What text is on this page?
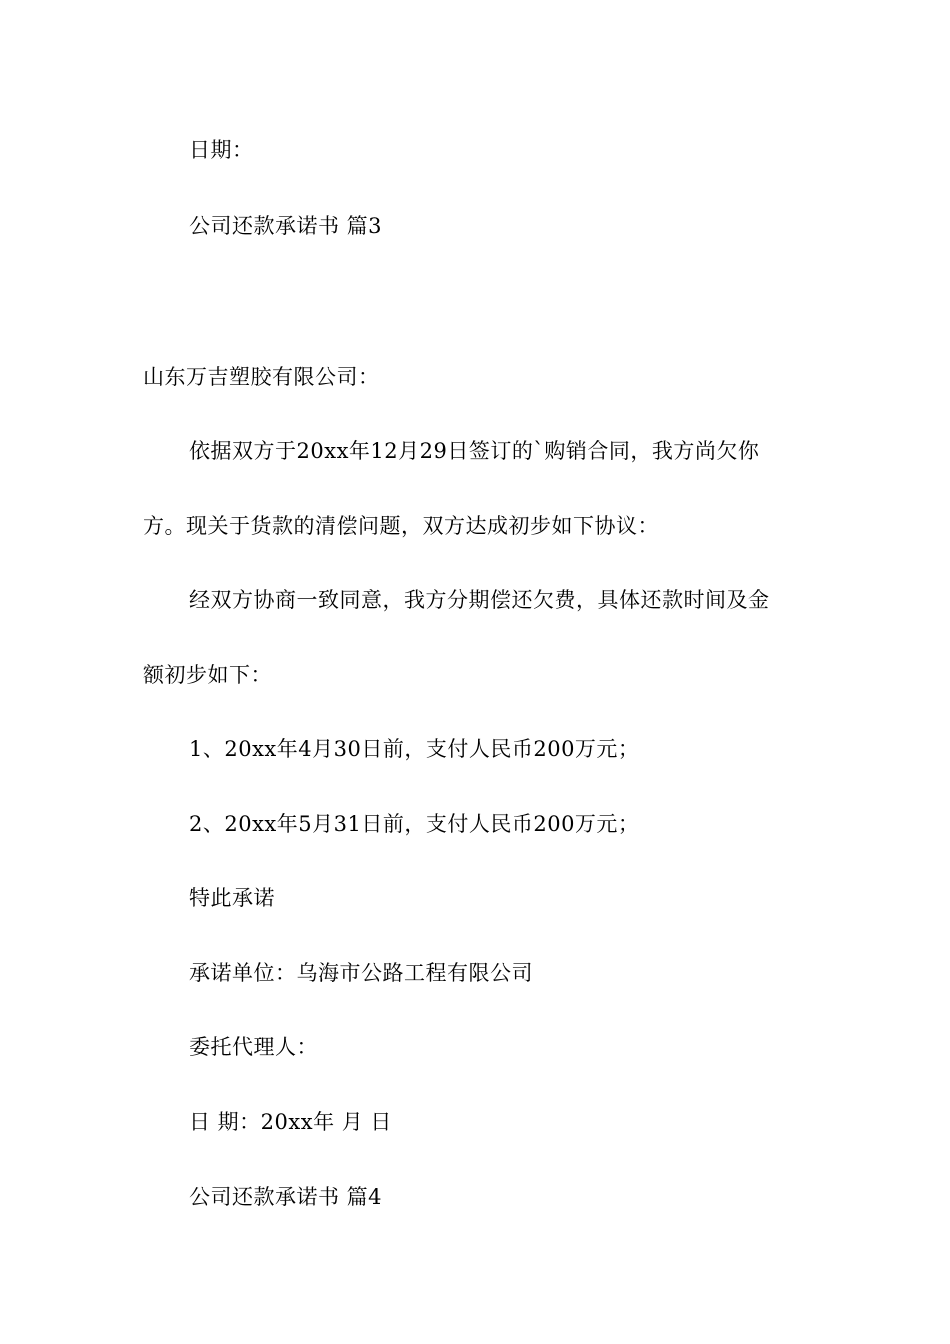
日期：
公司还款承诺书 篇3
山东万吉塑胶有限公司：
依据双方于20xx年12月29日签订的`购销合同，我方尚欠你
方。现关于货款的清偿问题，双方达成初步如下协议：
经双方协商一致同意，我方分期偿还欠费，具体还款时间及金
额初步如下：
1、20xx年4月30日前，支付人民币200万元；
2、20xx年5月31日前，支付人民币200万元；
特此承诺
承诺单位：乌海市公路工程有限公司
委托代理人：
日 期：20xx年 月 日
公司还款承诺书 篇4
